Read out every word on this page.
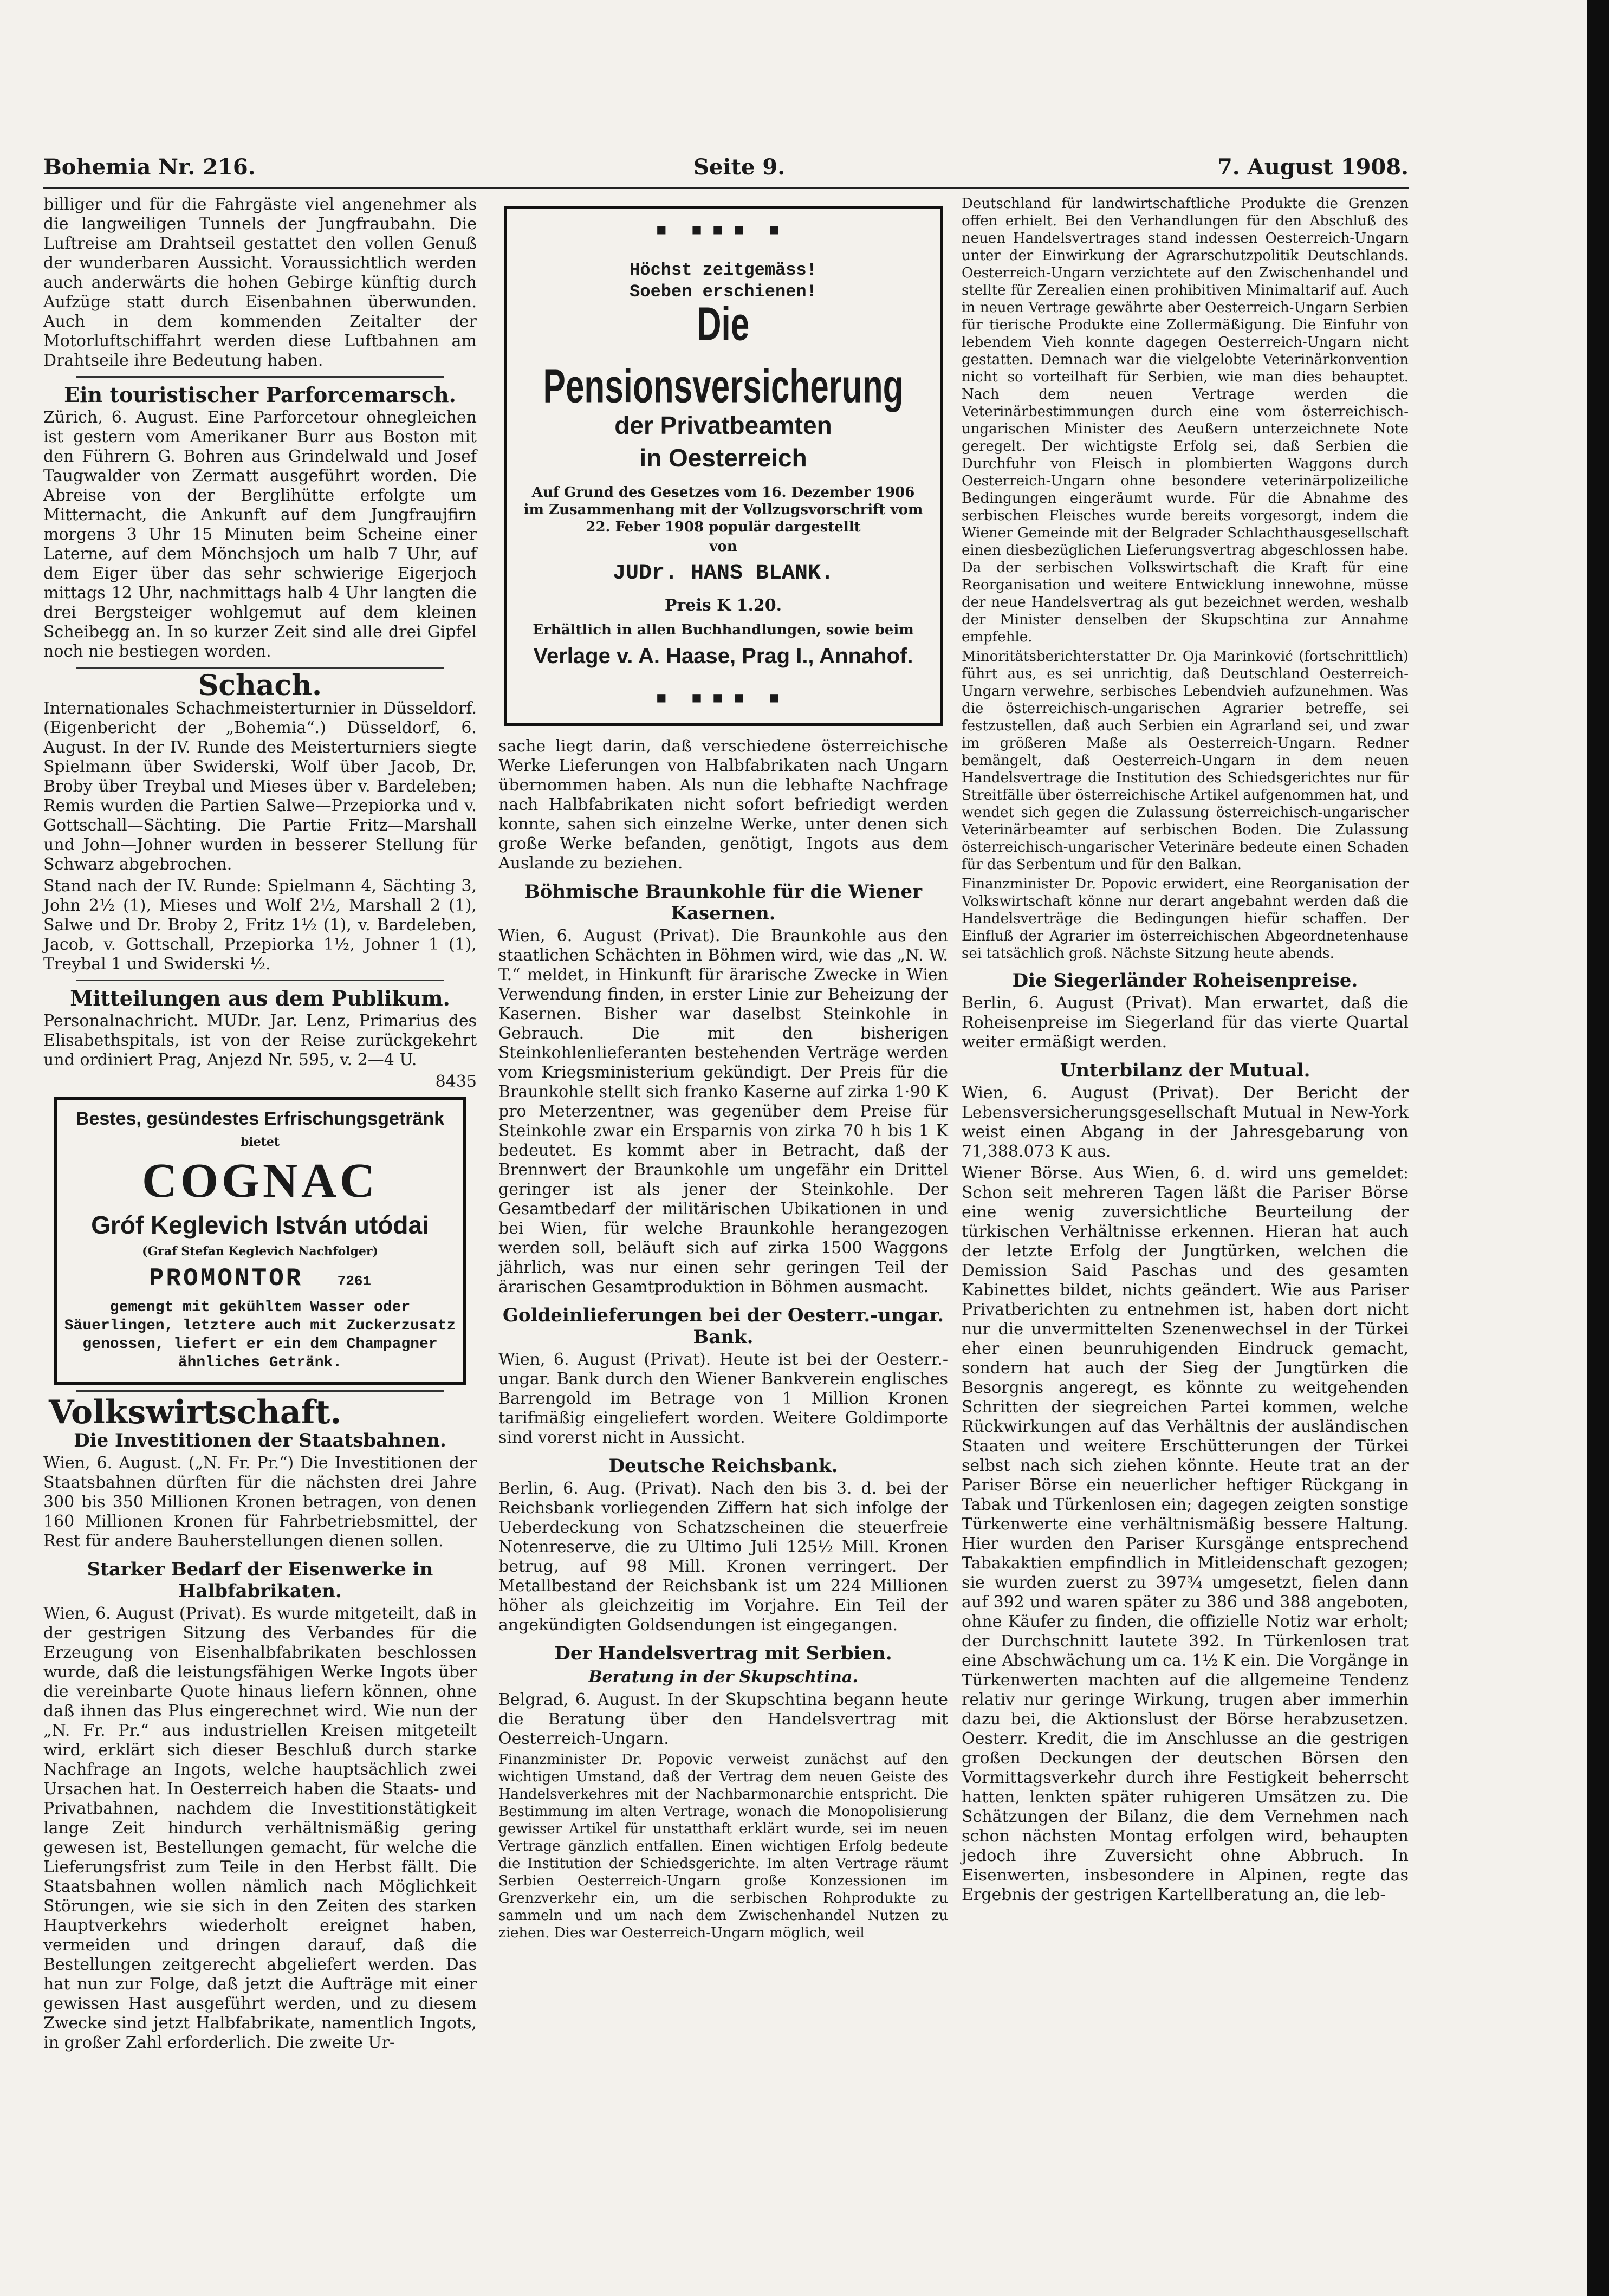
Bohemia Nr. 216.	Seite 9.	7. August 1908.

billiger und für die Fahrgäste viel angenehmer als die langweiligen Tunnels der Jungfraubahn. Die Luftreise am Drahtseil gestattet den vollen Genuß der wunderbaren Aussicht. Voraussichtlich werden auch anderwärts die hohen Gebirge künftig durch Aufzüge statt durch Eisenbahnen überwunden. Auch in dem kommenden Zeitalter der Motorluftschiffahrt werden diese Luftbahnen am Drahtseile ihre Bedeutung haben.

Ein touristischer Parforcemarsch.

Zürich, 6. August. Eine Parforcetour ohnegleichen ist gestern vom Amerikaner Burr aus Boston mit den Führern G. Bohren aus Grindelwald und Josef Taugwalder von Zermatt ausgeführt worden. Die Abreise von der Berglihütte erfolgte um Mitternacht, die Ankunft auf dem Jungfraujfirn morgens 3 Uhr 15 Minuten beim Scheine einer Laterne, auf dem Mönchsjoch um halb 7 Uhr, auf dem Eiger über das sehr schwierige Eigerjoch mittags 12 Uhr, nachmittags halb 4 Uhr langten die drei Bergsteiger wohlgemut auf dem kleinen Scheibegg an. In so kurzer Zeit sind alle drei Gipfel noch nie bestiegen worden.

Schach.

Internationales Schachmeisterturnier in Düsseldorf. (Eigenbericht der „Bohemia“.) Düsseldorf, 6. August. In der IV. Runde des Meisterturniers siegte Spielmann über Swiderski, Wolf über Jacob, Dr. Broby über Treybal und Mieses über v. Bardeleben; Remis wurden die Partien Salwe—Przepiorka und v. Gottschall—Sächting. Die Partie Fritz—Marshall und John—Johner wurden in besserer Stellung für Schwarz abgebrochen.

Stand nach der IV. Runde: Spielmann 4, Sächting 3, John 2½ (1), Mieses und Wolf 2½, Marshall 2 (1), Salwe und Dr. Broby 2, Fritz 1½ (1), v. Bardeleben, Jacob, v. Gottschall, Przepiorka 1½, Johner 1 (1), Treybal 1 und Swiderski ½.

Mitteilungen aus dem Publikum.

Personalnachricht. MUDr. Jar. Lenz, Primarius des Elisabethspitals, ist von der Reise zurückgekehrt und ordiniert Prag, Anjezd Nr. 595, v. 2—4 U.

8435

Bestes, gesündestes Erfrischungsgetränk

bietet

COGNAC

Gróf Keglevich István utódai

(Graf Stefan Keglevich Nachfolger)

PROMONTOR 7261

gemengt mit gekühltem Wasser oder Säuerlingen, letztere auch mit Zuckerzusatz genossen, liefert er ein dem Champagner ähnliches Getränk.

Volkswirtschaft.
Die Investitionen der Staatsbahnen.

Wien, 6. August. („N. Fr. Pr.“) Die Investitionen der Staatsbahnen dürften für die nächsten drei Jahre 300 bis 350 Millionen Kronen betragen, von denen 160 Millionen Kronen für Fahrbetriebsmittel, der Rest für andere Bauherstellungen dienen sollen.

Starker Bedarf der Eisenwerke in Halbfabrikaten.

Wien, 6. August (Privat). Es wurde mitgeteilt, daß in der gestrigen Sitzung des Verbandes für die Erzeugung von Eisenhalbfabrikaten beschlossen wurde, daß die leistungsfähigen Werke Ingots über die vereinbarte Quote hinaus liefern können, ohne daß ihnen das Plus eingerechnet wird. Wie nun der „N. Fr. Pr.“ aus industriellen Kreisen mitgeteilt wird, erklärt sich dieser Beschluß durch starke Nachfrage an Ingots, welche hauptsächlich zwei Ursachen hat. In Oesterreich haben die Staats- und Privatbahnen, nachdem die Investitionstätigkeit lange Zeit hindurch verhältnismäßig gering gewesen ist, Bestellungen gemacht, für welche die Lieferungsfrist zum Teile in den Herbst fällt. Die Staatsbahnen wollen nämlich nach Möglichkeit Störungen, wie sie sich in den Zeiten des starken Hauptverkehrs wiederholt ereignet haben, vermeiden und dringen darauf, daß die Bestellungen zeitgerecht abgeliefert werden. Das hat nun zur Folge, daß jetzt die Aufträge mit einer gewissen Hast ausgeführt werden, und zu diesem Zwecke sind jetzt Halbfabrikate, namentlich Ingots, in großer Zahl erforderlich. Die zweite Ur-

■ ■■■ ■

Höchst zeitgemäss!

Soeben erschienen!

Die Pensionsversicherung

der Privatbeamten

in Oesterreich

Auf Grund des Gesetzes vom 16. Dezember 1906 im Zusammenhang mit der Vollzugsvorschrift vom 22. Feber 1908 populär dargestellt

von

JUDr. HANS BLANK.

Preis K 1.20.

Erhältlich in allen Buchhandlungen, sowie beim

Verlage v. A. Haase, Prag I., Annahof.

■ ■■■ ■

sache liegt darin, daß verschiedene österreichische Werke Lieferungen von Halbfabrikaten nach Ungarn übernommen haben. Als nun die lebhafte Nachfrage nach Halbfabrikaten nicht sofort befriedigt werden konnte, sahen sich einzelne Werke, unter denen sich große Werke befanden, genötigt, Ingots aus dem Auslande zu beziehen.

Böhmische Braunkohle für die Wiener Kasernen.

Wien, 6. August (Privat). Die Braunkohle aus den staatlichen Schächten in Böhmen wird, wie das „N. W. T.“ meldet, in Hinkunft für ärarische Zwecke in Wien Verwendung finden, in erster Linie zur Beheizung der Kasernen. Bisher war daselbst Steinkohle in Gebrauch. Die mit den bisherigen Steinkohlenlieferanten bestehenden Verträge werden vom Kriegsministerium gekündigt. Der Preis für die Braunkohle stellt sich franko Kaserne auf zirka 1·90 K pro Meterzentner, was gegenüber dem Preise für Steinkohle zwar ein Ersparnis von zirka 70 h bis 1 K bedeutet. Es kommt aber in Betracht, daß der Brennwert der Braunkohle um ungefähr ein Drittel geringer ist als jener der Steinkohle. Der Gesamtbedarf der militärischen Ubikationen in und bei Wien, für welche Braunkohle herangezogen werden soll, beläuft sich auf zirka 1500 Waggons jährlich, was nur einen sehr geringen Teil der ärarischen Gesamtproduktion in Böhmen ausmacht.

Goldeinlieferungen bei der Oesterr.-ungar. Bank.

Wien, 6. August (Privat). Heute ist bei der Oesterr.-ungar. Bank durch den Wiener Bankverein englisches Barrengold im Betrage von 1 Million Kronen tarifmäßig eingeliefert worden. Weitere Goldimporte sind vorerst nicht in Aussicht.

Deutsche Reichsbank.

Berlin, 6. Aug. (Privat). Nach den bis 3. d. bei der Reichsbank vorliegenden Ziffern hat sich infolge der Ueberdeckung von Schatzscheinen die steuerfreie Notenreserve, die zu Ultimo Juli 125½ Mill. Kronen betrug, auf 98 Mill. Kronen verringert. Der Metallbestand der Reichsbank ist um 224 Millionen höher als gleichzeitig im Vorjahre. Ein Teil der angekündigten Goldsendungen ist eingegangen.

Der Handelsvertrag mit Serbien.
Beratung in der Skupschtina.

Belgrad, 6. August. In der Skupschtina begann heute die Beratung über den Handelsvertrag mit Oesterreich-Ungarn.

Finanzminister Dr. Popovic verweist zunächst auf den wichtigen Umstand, daß der Vertrag dem neuen Geiste des Handelsverkehres mit der Nachbarmonarchie entspricht. Die Bestimmung im alten Vertrage, wonach die Monopolisierung gewisser Artikel für unstatthaft erklärt wurde, sei im neuen Vertrage gänzlich entfallen. Einen wichtigen Erfolg bedeute die Institution der Schiedsgerichte. Im alten Vertrage räumt Serbien Oesterreich-Ungarn große Konzessionen im Grenzverkehr ein, um die serbischen Rohprodukte zu sammeln und um nach dem Zwischenhandel Nutzen zu ziehen. Dies war Oesterreich-Ungarn möglich, weil

Deutschland für landwirtschaftliche Produkte die Grenzen offen erhielt. Bei den Verhandlungen für den Abschluß des neuen Handelsvertrages stand indessen Oesterreich-Ungarn unter der Einwirkung der Agrarschutzpolitik Deutschlands. Oesterreich-Ungarn verzichtete auf den Zwischenhandel und stellte für Zerealien einen prohibitiven Minimaltarif auf. Auch in neuen Vertrage gewährte aber Oesterreich-Ungarn Serbien für tierische Produkte eine Zollermäßigung. Die Einfuhr von lebendem Vieh konnte dagegen Oesterreich-Ungarn nicht gestatten. Demnach war die vielgelobte Veterinärkonvention nicht so vorteilhaft für Serbien, wie man dies behauptet. Nach dem neuen Vertrage werden die Veterinärbestimmungen durch eine vom österreichisch-ungarischen Minister des Aeußern unterzeichnete Note geregelt. Der wichtigste Erfolg sei, daß Serbien die Durchfuhr von Fleisch in plombierten Waggons durch Oesterreich-Ungarn ohne besondere veterinärpolizeiliche Bedingungen eingeräumt wurde. Für die Abnahme des serbischen Fleisches wurde bereits vorgesorgt, indem die Wiener Gemeinde mit der Belgrader Schlachthausgesellschaft einen diesbezüglichen Lieferungsvertrag abgeschlossen habe. Da der serbischen Volkswirtschaft die Kraft für eine Reorganisation und weitere Entwicklung innewohne, müsse der neue Handelsvertrag als gut bezeichnet werden, weshalb der Minister denselben der Skupschtina zur Annahme empfehle.

Minoritätsberichterstatter Dr. Oja Marinković (fortschrittlich) führt aus, es sei unrichtig, daß Deutschland Oesterreich-Ungarn verwehre, serbisches Lebendvieh aufzunehmen. Was die österreichisch-ungarischen Agrarier betreffe, sei festzustellen, daß auch Serbien ein Agrarland sei, und zwar im größeren Maße als Oesterreich-Ungarn. Redner bemängelt, daß Oesterreich-Ungarn in dem neuen Handelsvertrage die Institution des Schiedsgerichtes nur für Streitfälle über österreichische Artikel aufgenommen hat, und wendet sich gegen die Zulassung österreichisch-ungarischer Veterinärbeamter auf serbischen Boden. Die Zulassung österreichisch-ungarischer Veterinäre bedeute einen Schaden für das Serbentum und für den Balkan.

Finanzminister Dr. Popovic erwidert, eine Reorganisation der Volkswirtschaft könne nur derart angebahnt werden daß die Handelsverträge die Bedingungen hiefür schaffen. Der Einfluß der Agrarier im österreichischen Abgeordnetenhause sei tatsächlich groß. Nächste Sitzung heute abends.

Die Siegerländer Roheisenpreise.

Berlin, 6. August (Privat). Man erwartet, daß die Roheisenpreise im Siegerland für das vierte Quartal weiter ermäßigt werden.

Unterbilanz der Mutual.

Wien, 6. August (Privat). Der Bericht der Lebensversicherungsgesellschaft Mutual in New-York weist einen Abgang in der Jahresgebarung von 71,388.073 K aus.

Wiener Börse. Aus Wien, 6. d. wird uns gemeldet: Schon seit mehreren Tagen läßt die Pariser Börse eine wenig zuversichtliche Beurteilung der türkischen Verhältnisse erkennen. Hieran hat auch der letzte Erfolg der Jungtürken, welchen die Demission Said Paschas und des gesamten Kabinettes bildet, nichts geändert. Wie aus Pariser Privatberichten zu entnehmen ist, haben dort nicht nur die unvermittelten Szenenwechsel in der Türkei eher einen beunruhigenden Eindruck gemacht, sondern hat auch der Sieg der Jungtürken die Besorgnis angeregt, es könnte zu weitgehenden Schritten der siegreichen Partei kommen, welche Rückwirkungen auf das Verhältnis der ausländischen Staaten und weitere Erschütterungen der Türkei selbst nach sich ziehen könnte. Heute trat an der Pariser Börse ein neuerlicher heftiger Rückgang in Tabak und Türkenlosen ein; dagegen zeigten sonstige Türkenwerte eine verhältnismäßig bessere Haltung. Hier wurden den Pariser Kursgänge entsprechend Tabakaktien empfindlich in Mitleidenschaft gezogen; sie wurden zuerst zu 397¾ umgesetzt, fielen dann auf 392 und waren später zu 386 und 388 angeboten, ohne Käufer zu finden, die offizielle Notiz war erholt; der Durchschnitt lautete 392. In Türkenlosen trat eine Abschwächung um ca. 1½ K ein. Die Vorgänge in Türkenwerten machten auf die allgemeine Tendenz relativ nur geringe Wirkung, trugen aber immerhin dazu bei, die Aktionslust der Börse herabzusetzen. Oesterr. Kredit, die im Anschlusse an die gestrigen großen Deckungen der deutschen Börsen den Vormittagsverkehr durch ihre Festigkeit beherrscht hatten, lenkten später ruhigeren Umsätzen zu. Die Schätzungen der Bilanz, die dem Vernehmen nach schon nächsten Montag erfolgen wird, behaupten jedoch ihre Zuversicht ohne Abbruch. In Eisenwerten, insbesondere in Alpinen, regte das Ergebnis der gestrigen Kartellberatung an, die leb-
